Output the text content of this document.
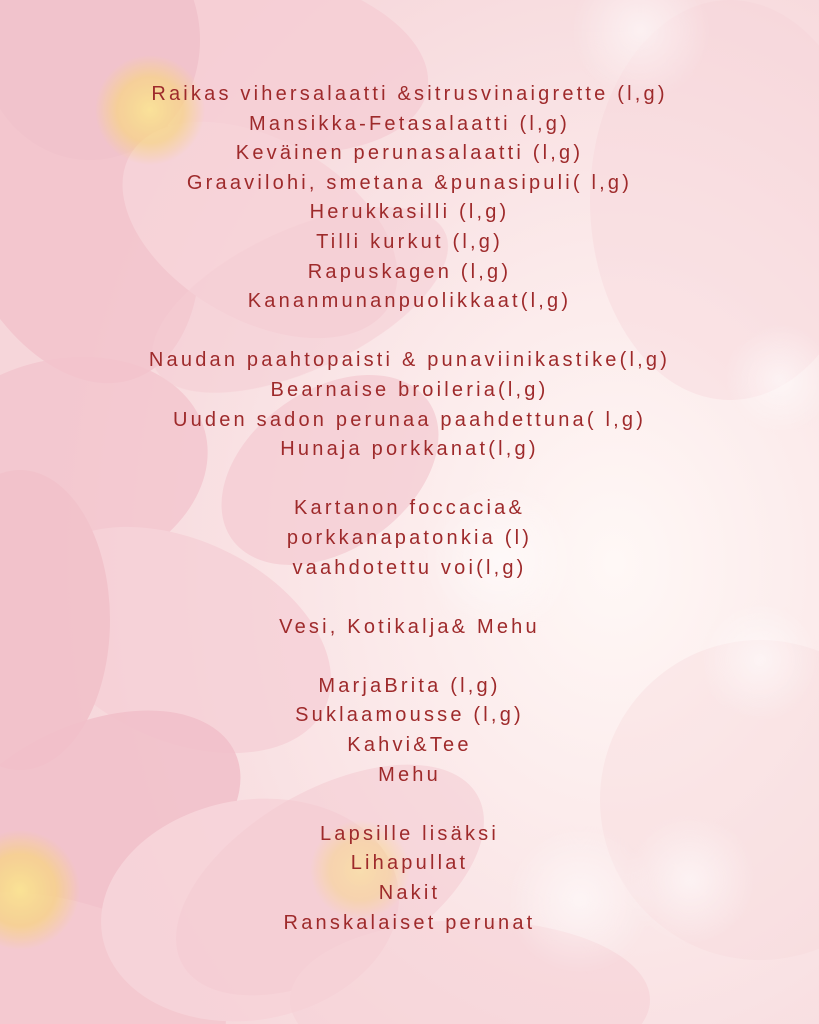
Raikas vihersalaatti &sitrusvinaigrette (l,g)
Mansikka-Fetasalaatti (l,g)
Keväinen perunasalaatti (l,g)
Graavilohi, smetana &punasipuli( l,g)
Herukkasilli (l,g)
Tilli kurkut (l,g)
Rapuskagen (l,g)
Kananmunanpuolikkaat(l,g)
Naudan paahtopaisti & punaviinikastike(l,g)
Bearnaise broileria(l,g)
Uuden sadon perunaa paahdettuna( l,g)
Hunaja porkkanat(l,g)
Kartanon foccacia&
porkkanapatonkia (l)
vaahdotettu voi(l,g)
Vesi, Kotikalja& Mehu
MarjaBrita (l,g)
Suklaamousse (l,g)
Kahvi&Tee
Mehu
Lapsille lisäksi
Lihapullat
Nakit
Ranskalaiset perunat
